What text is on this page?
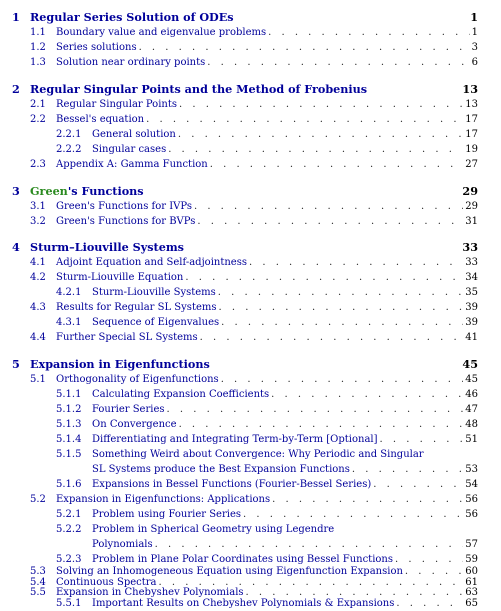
1 Regular Series Solution of ODEs	1
1.1	Boundary value and eigenvalue problems . . .	1
1.2	Series solutions . . .	3
1.3	Solution near ordinary points . . .	6
2 Regular Singular Points and the Method of Frobenius	13
2.1	Regular Singular Points . . .	13
2.2	Bessel's equation . . .	17
2.2.1	General solution . . .	17
2.2.2	Singular cases . . .	19
2.3	Appendix A: Gamma Function . . .	27
3 Green's Functions	29
3.1	Green's Functions for IVPs . . .	29
3.2	Green's Functions for BVPs . . .	31
4 Sturm–Liouville Systems	33
4.1	Adjoint Equation and Self-adjointness . . .	33
4.2	Sturm-Liouville Equation . . .	34
4.2.1	Sturm-Liouville Systems . . .	35
4.3	Results for Regular SL Systems . . .	39
4.3.1	Sequence of Eigenvalues . . .	39
4.4	Further Special SL Systems . . .	41
5 Expansion in Eigenfunctions	45
5.1	Orthogonality of Eigenfunctions . . .	45
5.1.1	Calculating Expansion Coefficients . . .	46
5.1.2	Fourier Series . . .	47
5.1.3	On Convergence . . .	48
5.1.4	Differentiating and Integrating Term-by-Term [Optional] . . .	51
5.1.5 Something Weird about Convergence: Why Periodic and Singular
SL Systems produce the Best Expansion Functions . . .	53
5.1.6	Expansions in Bessel Functions (Fourier-Bessel Series) . . .	54
5.2	Expansion in Eigenfunctions: Applications . . .	56
5.2.1	Problem using Fourier Series . . .	56
5.2.2 Problem in Spherical Geometry using Legendre
Polynomials . . .	57
5.2.3	Problem in Plane Polar Coordinates using Bessel Functions . . .	59
5.3	Solving an Inhomogeneous Equation using Eigenfunction Expansion . . .	60
5.4	Continuous Spectra . . .	61
5.5	Expansion in Chebyshev Polynomials . . .	63
5.5.1	Important Results on Chebyshev Polynomials & Expansions . . .	65
